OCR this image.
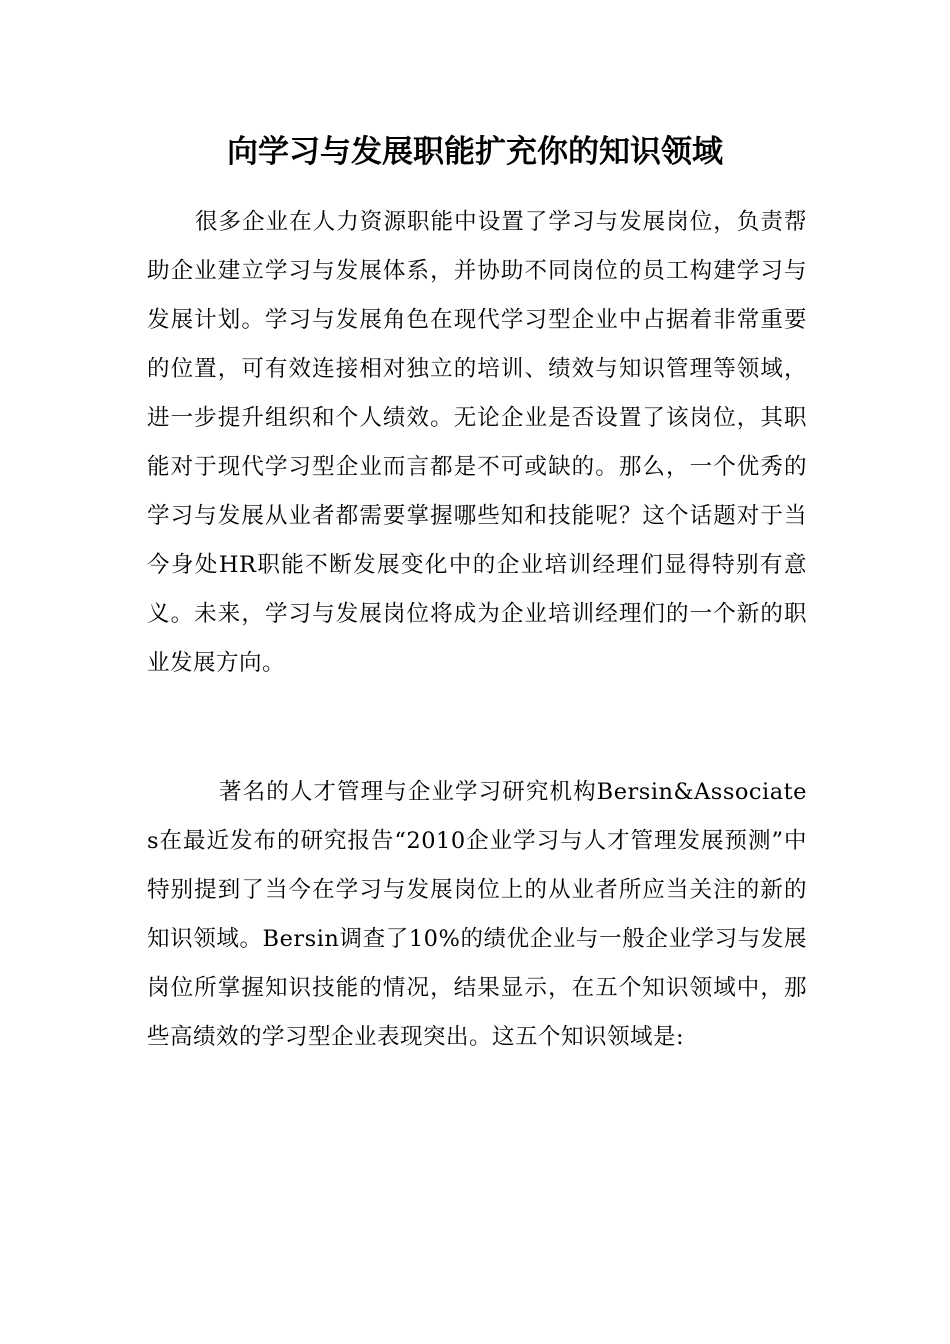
向学习与发展职能扩充你的知识领域

很多企业在人力资源职能中设置了学习与发展岗位，负责帮助企业建立学习与发展体系，并协助不同岗位的员工构建学习与发展计划。学习与发展角色在现代学习型企业中占据着非常重要的位置，可有效连接相对独立的培训、绩效与知识管理等领域，进一步提升组织和个人绩效。无论企业是否设置了该岗位，其职能对于现代学习型企业而言都是不可或缺的。那么，一个优秀的学习与发展从业者都需要掌握哪些知和技能呢？这个话题对于当今身处HR职能不断发展变化中的企业培训经理们显得特别有意义。未来，学习与发展岗位将成为企业培训经理们的一个新的职业发展方向。

著名的人才管理与企业学习研究机构Bersin&Associates在最近发布的研究报告“2010企业学习与人才管理发展预测”中特别提到了当今在学习与发展岗位上的从业者所应当关注的新的知识领域。Bersin调查了10%的绩优企业与一般企业学习与发展岗位所掌握知识技能的情况，结果显示，在五个知识领域中，那些高绩效的学习型企业表现突出。这五个知识领域是:
